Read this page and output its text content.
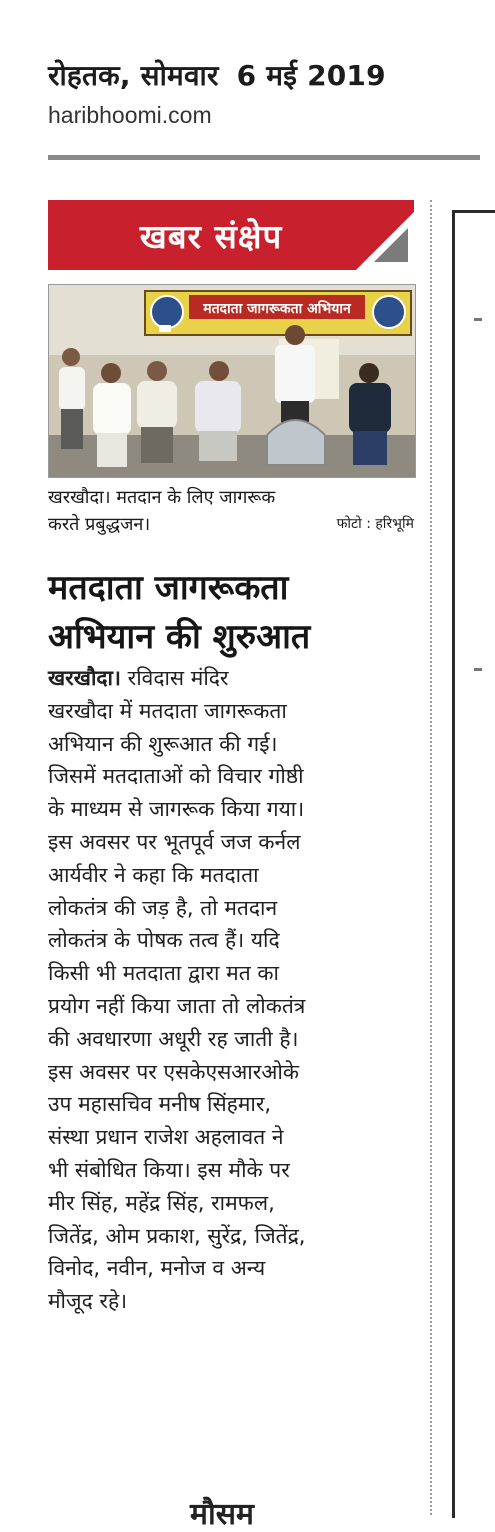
रोहतक, सोमवार 6 मई 2019

haribhoomi.com
खबर संक्षेप
मतदाता जागरूकता अभियान
खरखौदा। मतदान के लिए जागरूक
करते प्रबुद्धजन।	फोटो : हरिभूमि
मतदाता जागरूकता
अभियान की शुरुआत
खरखौदा। रविदास मंदिर
खरखौदा में मतदाता जागरूकता
अभियान की शुरूआत की गई।
जिसमें मतदाताओं को विचार गोष्ठी
के माध्यम से जागरूक किया गया।
इस अवसर पर भूतपूर्व जज कर्नल
आर्यवीर ने कहा कि मतदाता
लोकतंत्र की जड़ है, तो मतदान
लोकतंत्र के पोषक तत्व हैं। यदि
किसी भी मतदाता द्वारा मत का
प्रयोग नहीं किया जाता तो लोकतंत्र
की अवधारणा अधूरी रह जाती है।
इस अवसर पर एसकेएसआरओके
उप महासचिव मनीष सिंहमार,
संस्था प्रधान राजेश अहलावत ने
भी संबोधित किया। इस मौके पर
मीर सिंह, महेंद्र सिंह, रामफल,
जितेंद्र, ओम प्रकाश, सुरेंद्र, जितेंद्र,
विनोद, नवीन, मनोज व अन्य
मौजूद रहे।
मौसम
